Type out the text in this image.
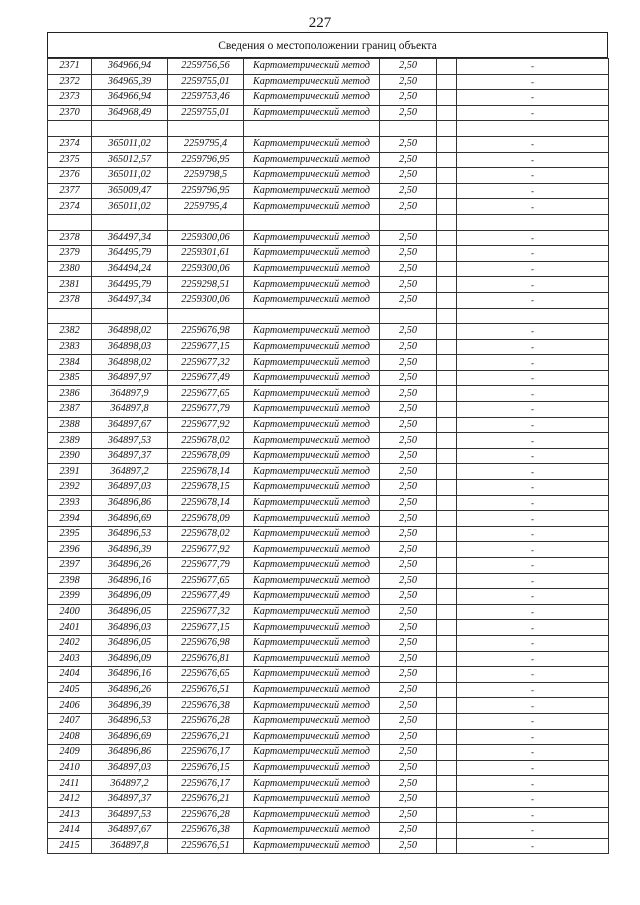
227
Сведения о местоположении границ объекта
2371	364966,94	2259756,56	Картометрический метод	2,50		-
2372	364965,39	2259755,01	Картометрический метод	2,50		-
2373	364966,94	2259753,46	Картометрический метод	2,50		-
2370	364968,49	2259755,01	Картометрический метод	2,50		-

2374	365011,02	2259795,4	Картометрический метод	2,50		-
2375	365012,57	2259796,95	Картометрический метод	2,50		-
2376	365011,02	2259798,5	Картометрический метод	2,50		-
2377	365009,47	2259796,95	Картометрический метод	2,50		-
2374	365011,02	2259795,4	Картометрический метод	2,50		-

2378	364497,34	2259300,06	Картометрический метод	2,50		-
2379	364495,79	2259301,61	Картометрический метод	2,50		-
2380	364494,24	2259300,06	Картометрический метод	2,50		-
2381	364495,79	2259298,51	Картометрический метод	2,50		-
2378	364497,34	2259300,06	Картометрический метод	2,50		-

2382	364898,02	2259676,98	Картометрический метод	2,50		-
2383	364898,03	2259677,15	Картометрический метод	2,50		-
2384	364898,02	2259677,32	Картометрический метод	2,50		-
2385	364897,97	2259677,49	Картометрический метод	2,50		-
2386	364897,9	2259677,65	Картометрический метод	2,50		-
2387	364897,8	2259677,79	Картометрический метод	2,50		-
2388	364897,67	2259677,92	Картометрический метод	2,50		-
2389	364897,53	2259678,02	Картометрический метод	2,50		-
2390	364897,37	2259678,09	Картометрический метод	2,50		-
2391	364897,2	2259678,14	Картометрический метод	2,50		-
2392	364897,03	2259678,15	Картометрический метод	2,50		-
2393	364896,86	2259678,14	Картометрический метод	2,50		-
2394	364896,69	2259678,09	Картометрический метод	2,50		-
2395	364896,53	2259678,02	Картометрический метод	2,50		-
2396	364896,39	2259677,92	Картометрический метод	2,50		-
2397	364896,26	2259677,79	Картометрический метод	2,50		-
2398	364896,16	2259677,65	Картометрический метод	2,50		-
2399	364896,09	2259677,49	Картометрический метод	2,50		-
2400	364896,05	2259677,32	Картометрический метод	2,50		-
2401	364896,03	2259677,15	Картометрический метод	2,50		-
2402	364896,05	2259676,98	Картометрический метод	2,50		-
2403	364896,09	2259676,81	Картометрический метод	2,50		-
2404	364896,16	2259676,65	Картометрический метод	2,50		-
2405	364896,26	2259676,51	Картометрический метод	2,50		-
2406	364896,39	2259676,38	Картометрический метод	2,50		-
2407	364896,53	2259676,28	Картометрический метод	2,50		-
2408	364896,69	2259676,21	Картометрический метод	2,50		-
2409	364896,86	2259676,17	Картометрический метод	2,50		-
2410	364897,03	2259676,15	Картометрический метод	2,50		-
2411	364897,2	2259676,17	Картометрический метод	2,50		-
2412	364897,37	2259676,21	Картометрический метод	2,50		-
2413	364897,53	2259676,28	Картометрический метод	2,50		-
2414	364897,67	2259676,38	Картометрический метод	2,50		-
2415	364897,8	2259676,51	Картометрический метод	2,50		-
